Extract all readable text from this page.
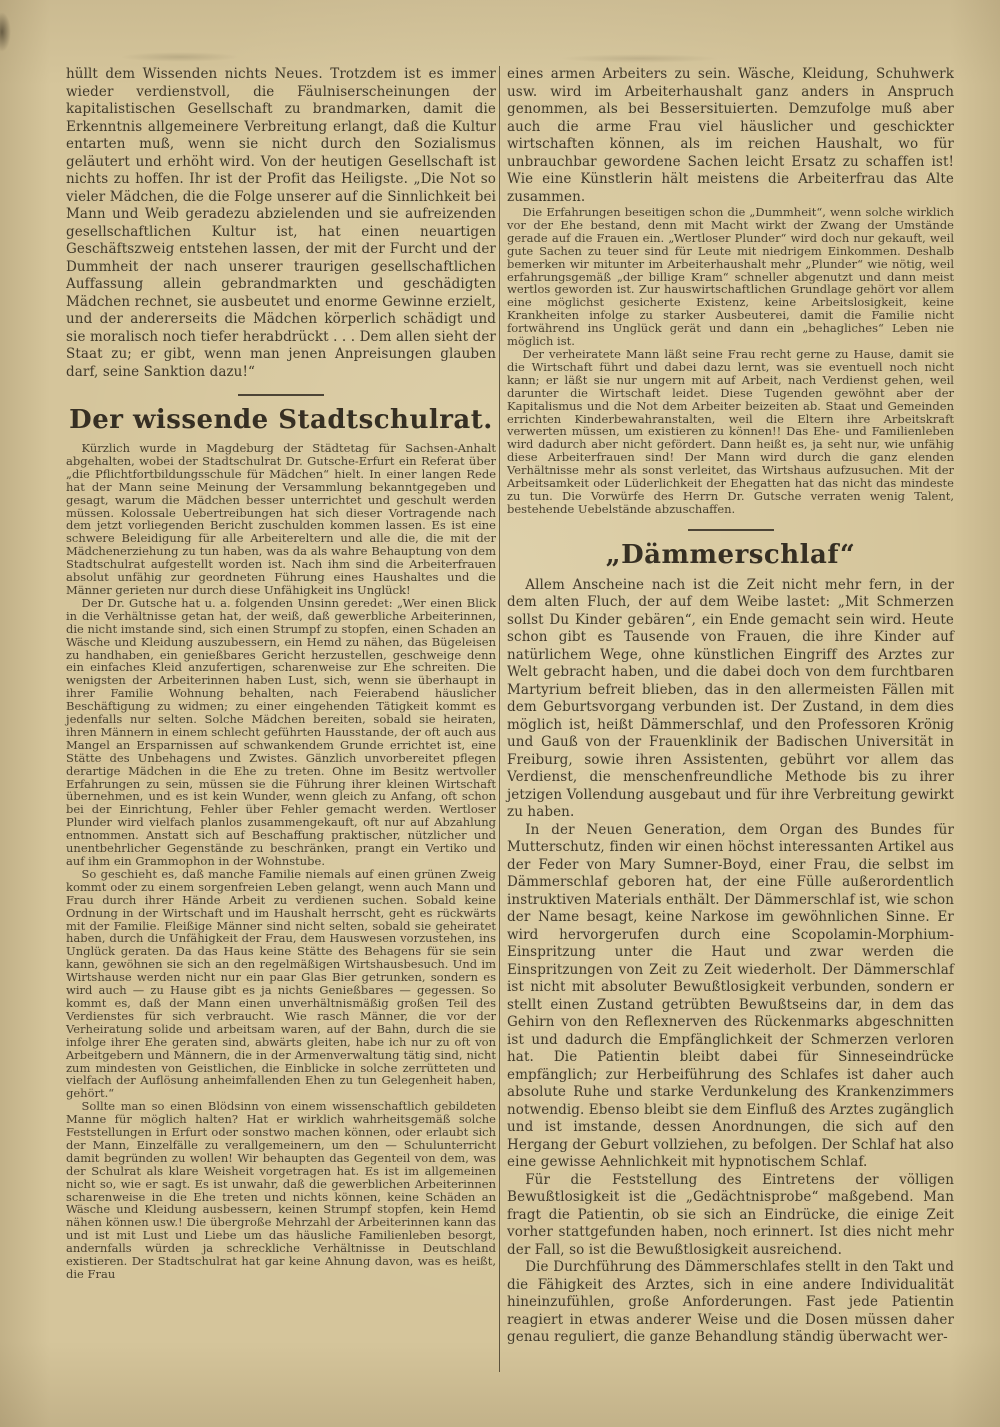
hüllt dem Wissenden nichts Neues. Trotzdem ist es immer wieder verdienstvoll, die Fäulniserscheinungen der kapitalistischen Gesellschaft zu brandmarken, damit die Erkenntnis allgemeinere Verbreitung erlangt, daß die Kultur entarten muß, wenn sie nicht durch den Sozialismus geläutert und erhöht wird. Von der heutigen Gesellschaft ist nichts zu hoffen. Ihr ist der Profit das Heiligste. „Die Not so vieler Mädchen, die die Folge unserer auf die Sinnlichkeit bei Mann und Weib geradezu abzielenden und sie aufreizenden gesellschaftlichen Kultur ist, hat einen neuartigen Geschäftszweig entstehen lassen, der mit der Furcht und der Dummheit der nach unserer traurigen gesellschaftlichen Auffassung allein gebrandmarkten und geschädigten Mädchen rechnet, sie ausbeutet und enorme Gewinne erzielt, und der andererseits die Mädchen körperlich schädigt und sie moralisch noch tiefer herabdrückt . . . Dem allen sieht der Staat zu; er gibt, wenn man jenen Anpreisungen glauben darf, seine Sanktion dazu!“

Der wissende Stadtschulrat.

Kürzlich wurde in Magdeburg der Städtetag für Sachsen-Anhalt abgehalten, wobei der Stadtschulrat Dr. Gutsche-Erfurt ein Referat über „die Pflichtfortbildungsschule für Mädchen“ hielt. In einer langen Rede hat der Mann seine Meinung der Versammlung bekanntgegeben und gesagt, warum die Mädchen besser unterrichtet und geschult werden müssen. Kolossale Uebertreibungen hat sich dieser Vortragende nach dem jetzt vorliegenden Bericht zuschulden kommen lassen. Es ist eine schwere Beleidigung für alle Arbeitereltern und alle die, die mit der Mädchenerziehung zu tun haben, was da als wahre Behauptung von dem Stadtschulrat aufgestellt worden ist. Nach ihm sind die Arbeiterfrauen absolut unfähig zur geordneten Führung eines Haushaltes und die Männer gerieten nur durch diese Unfähigkeit ins Unglück!

Der Dr. Gutsche hat u. a. folgenden Unsinn geredet: „Wer einen Blick in die Verhältnisse getan hat, der weiß, daß gewerbliche Arbeiterinnen, die nicht imstande sind, sich einen Strumpf zu stopfen, einen Schaden an Wäsche und Kleidung auszubessern, ein Hemd zu nähen, das Bügeleisen zu handhaben, ein genießbares Gericht herzustellen, geschweige denn ein einfaches Kleid anzufertigen, scharenweise zur Ehe schreiten. Die wenigsten der Arbeiterinnen haben Lust, sich, wenn sie überhaupt in ihrer Familie Wohnung behalten, nach Feierabend häuslicher Beschäftigung zu widmen; zu einer eingehenden Tätigkeit kommt es jedenfalls nur selten. Solche Mädchen bereiten, sobald sie heiraten, ihren Männern in einem schlecht geführten Hausstande, der oft auch aus Mangel an Ersparnissen auf schwankendem Grunde errichtet ist, eine Stätte des Unbehagens und Zwistes. Gänzlich unvorbereitet pflegen derartige Mädchen in die Ehe zu treten. Ohne im Besitz wertvoller Erfahrungen zu sein, müssen sie die Führung ihrer kleinen Wirtschaft übernehmen, und es ist kein Wunder, wenn gleich zu Anfang, oft schon bei der Einrichtung, Fehler über Fehler gemacht werden. Wertloser Plunder wird vielfach planlos zusammengekauft, oft nur auf Abzahlung entnommen. Anstatt sich auf Beschaffung praktischer, nützlicher und unentbehrlicher Gegenstände zu beschränken, prangt ein Vertiko und auf ihm ein Grammophon in der Wohnstube.

So geschieht es, daß manche Familie niemals auf einen grünen Zweig kommt oder zu einem sorgenfreien Leben gelangt, wenn auch Mann und Frau durch ihrer Hände Arbeit zu verdienen suchen. Sobald keine Ordnung in der Wirtschaft und im Haushalt herrscht, geht es rückwärts mit der Familie. Fleißige Männer sind nicht selten, sobald sie geheiratet haben, durch die Unfähigkeit der Frau, dem Hauswesen vorzustehen, ins Unglück geraten. Da das Haus keine Stätte des Behagens für sie sein kann, gewöhnen sie sich an den regelmäßigen Wirtshausbesuch. Und im Wirtshause werden nicht nur ein paar Glas Bier getrunken, sondern es wird auch — zu Hause gibt es ja nichts Genießbares — gegessen. So kommt es, daß der Mann einen unverhältnismäßig großen Teil des Verdienstes für sich verbraucht. Wie rasch Männer, die vor der Verheiratung solide und arbeitsam waren, auf der Bahn, durch die sie infolge ihrer Ehe geraten sind, abwärts gleiten, habe ich nur zu oft von Arbeitgebern und Männern, die in der Armenverwaltung tätig sind, nicht zum mindesten von Geistlichen, die Einblicke in solche zerrütteten und vielfach der Auflösung anheimfallenden Ehen zu tun Gelegenheit haben, gehört.“

Sollte man so einen Blödsinn von einem wissenschaftlich gebildeten Manne für möglich halten? Hat er wirklich wahrheitsgemäß solche Feststellungen in Erfurt oder sonstwo machen können, oder erlaubt sich der Mann, Einzelfälle zu verallgemeinern, um den — Schulunterricht damit begründen zu wollen! Wir behaupten das Gegenteil von dem, was der Schulrat als klare Weisheit vorgetragen hat. Es ist im allgemeinen nicht so, wie er sagt. Es ist unwahr, daß die gewerblichen Arbeiterinnen scharenweise in die Ehe treten und nichts können, keine Schäden an Wäsche und Kleidung ausbessern, keinen Strumpf stopfen, kein Hemd nähen können usw.! Die übergroße Mehrzahl der Arbeiterinnen kann das und ist mit Lust und Liebe um das häusliche Familienleben besorgt, andernfalls würden ja schreckliche Verhältnisse in Deutschland existieren. Der Stadtschulrat hat gar keine Ahnung davon, was es heißt, die Frau

eines armen Arbeiters zu sein. Wäsche, Kleidung, Schuhwerk usw. wird im Arbeiterhaushalt ganz anders in Anspruch genommen, als bei Bessersituierten. Demzufolge muß aber auch die arme Frau viel häuslicher und geschickter wirtschaften können, als im reichen Haushalt, wo für unbrauchbar gewordene Sachen leicht Ersatz zu schaffen ist! Wie eine Künstlerin hält meistens die Arbeiterfrau das Alte zusammen.

Die Erfahrungen beseitigen schon die „Dummheit“, wenn solche wirklich vor der Ehe bestand, denn mit Macht wirkt der Zwang der Umstände gerade auf die Frauen ein. „Wertloser Plunder“ wird doch nur gekauft, weil gute Sachen zu teuer sind für Leute mit niedrigem Einkommen. Deshalb bemerken wir mitunter im Arbeiterhaushalt mehr „Plunder“ wie nötig, weil erfahrungsgemäß „der billige Kram“ schneller abgenutzt und dann meist wertlos geworden ist. Zur hauswirtschaftlichen Grundlage gehört vor allem eine möglichst gesicherte Existenz, keine Arbeitslosigkeit, keine Krankheiten infolge zu starker Ausbeuterei, damit die Familie nicht fortwährend ins Unglück gerät und dann ein „behagliches“ Leben nie möglich ist.

Der verheiratete Mann läßt seine Frau recht gerne zu Hause, damit sie die Wirtschaft führt und dabei dazu lernt, was sie eventuell noch nicht kann; er läßt sie nur ungern mit auf Arbeit, nach Verdienst gehen, weil darunter die Wirtschaft leidet. Diese Tugenden gewöhnt aber der Kapitalismus und die Not dem Arbeiter beizeiten ab. Staat und Gemeinden errichten Kinderbewahranstalten, weil die Eltern ihre Arbeitskraft verwerten müssen, um existieren zu können!! Das Ehe- und Familienleben wird dadurch aber nicht gefördert. Dann heißt es, ja seht nur, wie unfähig diese Arbeiterfrauen sind! Der Mann wird durch die ganz elenden Verhältnisse mehr als sonst verleitet, das Wirtshaus aufzusuchen. Mit der Arbeitsamkeit oder Lüderlichkeit der Ehegatten hat das nicht das mindeste zu tun. Die Vorwürfe des Herrn Dr. Gutsche verraten wenig Talent, bestehende Uebelstände abzuschaffen.

„Dämmerschlaf“

Allem Anscheine nach ist die Zeit nicht mehr fern, in der dem alten Fluch, der auf dem Weibe lastet: „Mit Schmerzen sollst Du Kinder gebären“, ein Ende gemacht sein wird. Heute schon gibt es Tausende von Frauen, die ihre Kinder auf natürlichem Wege, ohne künstlichen Eingriff des Arztes zur Welt gebracht haben, und die dabei doch von dem furchtbaren Martyrium befreit blieben, das in den allermeisten Fällen mit dem Geburtsvorgang verbunden ist. Der Zustand, in dem dies möglich ist, heißt Dämmerschlaf, und den Professoren Krönig und Gauß von der Frauenklinik der Badischen Universität in Freiburg, sowie ihren Assistenten, gebührt vor allem das Verdienst, die menschenfreundliche Methode bis zu ihrer jetzigen Vollendung ausgebaut und für ihre Verbreitung gewirkt zu haben.

In der Neuen Generation, dem Organ des Bundes für Mutterschutz, finden wir einen höchst interessanten Artikel aus der Feder von Mary Sumner-Boyd, einer Frau, die selbst im Dämmerschlaf geboren hat, der eine Fülle außerordentlich instruktiven Materials enthält. Der Dämmerschlaf ist, wie schon der Name besagt, keine Narkose im gewöhnlichen Sinne. Er wird hervorgerufen durch eine Scopolamin-Morphium-Einspritzung unter die Haut und zwar werden die Einspritzungen von Zeit zu Zeit wiederholt. Der Dämmerschlaf ist nicht mit absoluter Bewußtlosigkeit verbunden, sondern er stellt einen Zustand getrübten Bewußtseins dar, in dem das Gehirn von den Reflexnerven des Rückenmarks abgeschnitten ist und dadurch die Empfänglichkeit der Schmerzen verloren hat. Die Patientin bleibt dabei für Sinneseindrücke empfänglich; zur Herbeiführung des Schlafes ist daher auch absolute Ruhe und starke Verdunkelung des Krankenzimmers notwendig. Ebenso bleibt sie dem Einfluß des Arztes zugänglich und ist imstande, dessen Anordnungen, die sich auf den Hergang der Geburt vollziehen, zu befolgen. Der Schlaf hat also eine gewisse Aehnlichkeit mit hypnotischem Schlaf.

Für die Feststellung des Eintretens der völligen Bewußtlosigkeit ist die „Gedächtnisprobe“ maßgebend. Man fragt die Patientin, ob sie sich an Eindrücke, die einige Zeit vorher stattgefunden haben, noch erinnert. Ist dies nicht mehr der Fall, so ist die Bewußtlosigkeit ausreichend.

Die Durchführung des Dämmerschlafes stellt in den Takt und die Fähigkeit des Arztes, sich in eine andere Individualität hineinzufühlen, große Anforderungen. Fast jede Patientin reagiert in etwas anderer Weise und die Dosen müssen daher genau reguliert, die ganze Behandlung ständig überwacht wer-
